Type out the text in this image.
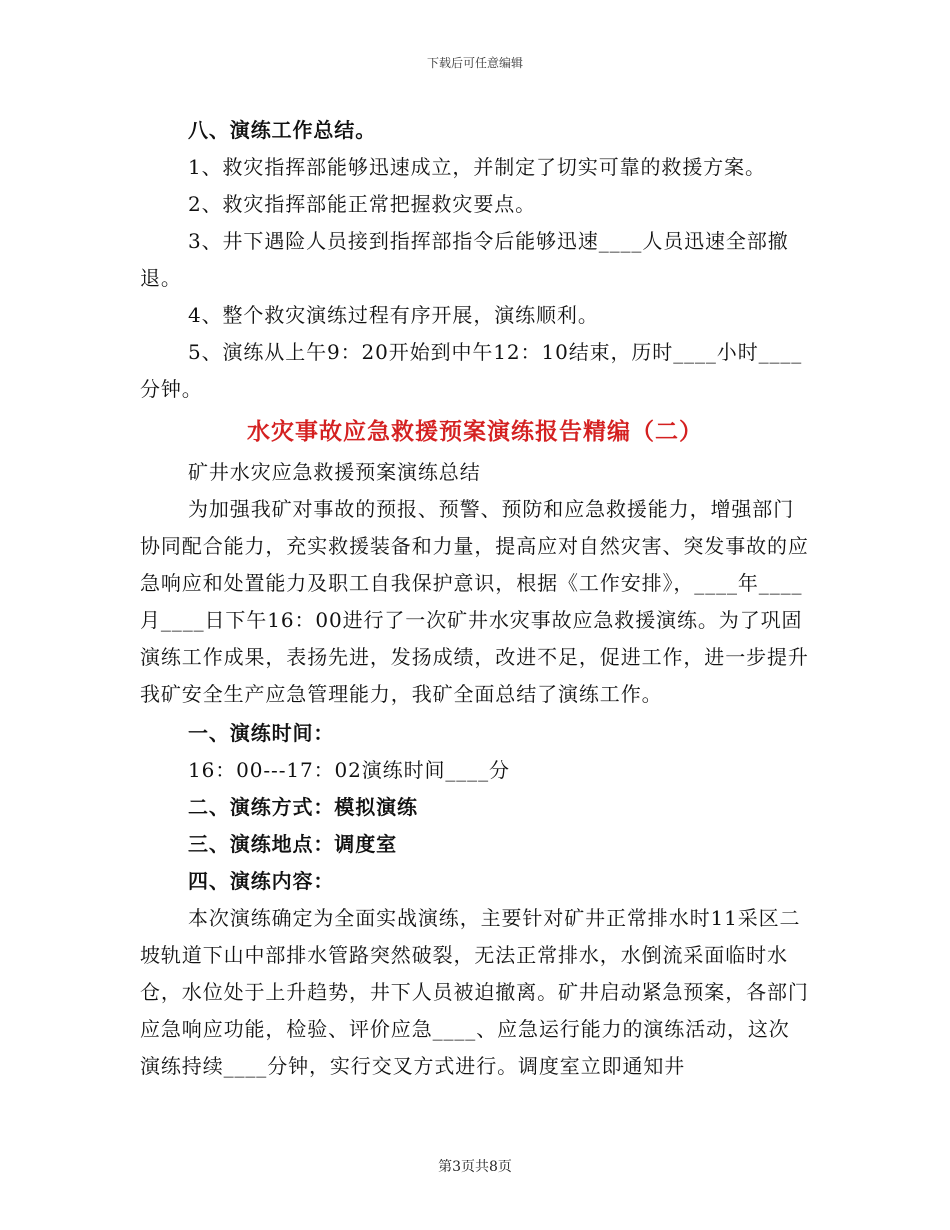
下载后可任意编辑

八、演练工作总结。

1、救灾指挥部能够迅速成立，并制定了切实可靠的救援方案。

2、救灾指挥部能正常把握救灾要点。

3、井下遇险人员接到指挥部指令后能够迅速____人员迅速全部撤退。

4、整个救灾演练过程有序开展，演练顺利。

5、演练从上午9：20开始到中午12：10结束，历时____小时____分钟。

水灾事故应急救援预案演练报告精编（二）

矿井水灾应急救援预案演练总结

为加强我矿对事故的预报、预警、预防和应急救援能力，增强部门协同配合能力，充实救援装备和力量，提高应对自然灾害、突发事故的应急响应和处置能力及职工自我保护意识，根据《工作安排》，____年____月____日下午16：00进行了一次矿井水灾事故应急救援演练。为了巩固演练工作成果，表扬先进，发扬成绩，改进不足，促进工作，进一步提升我矿安全生产应急管理能力，我矿全面总结了演练工作。

一、演练时间：

16：00---17：02演练时间____分

二、演练方式：模拟演练

三、演练地点：调度室

四、演练内容：

本次演练确定为全面实战演练，主要针对矿井正常排水时11采区二坡轨道下山中部排水管路突然破裂，无法正常排水，水倒流采面临时水仓，水位处于上升趋势，井下人员被迫撤离。矿井启动紧急预案，各部门应急响应功能，检验、评价应急____、应急运行能力的演练活动，这次演练持续____分钟，实行交叉方式进行。调度室立即通知井

第3页共8页
